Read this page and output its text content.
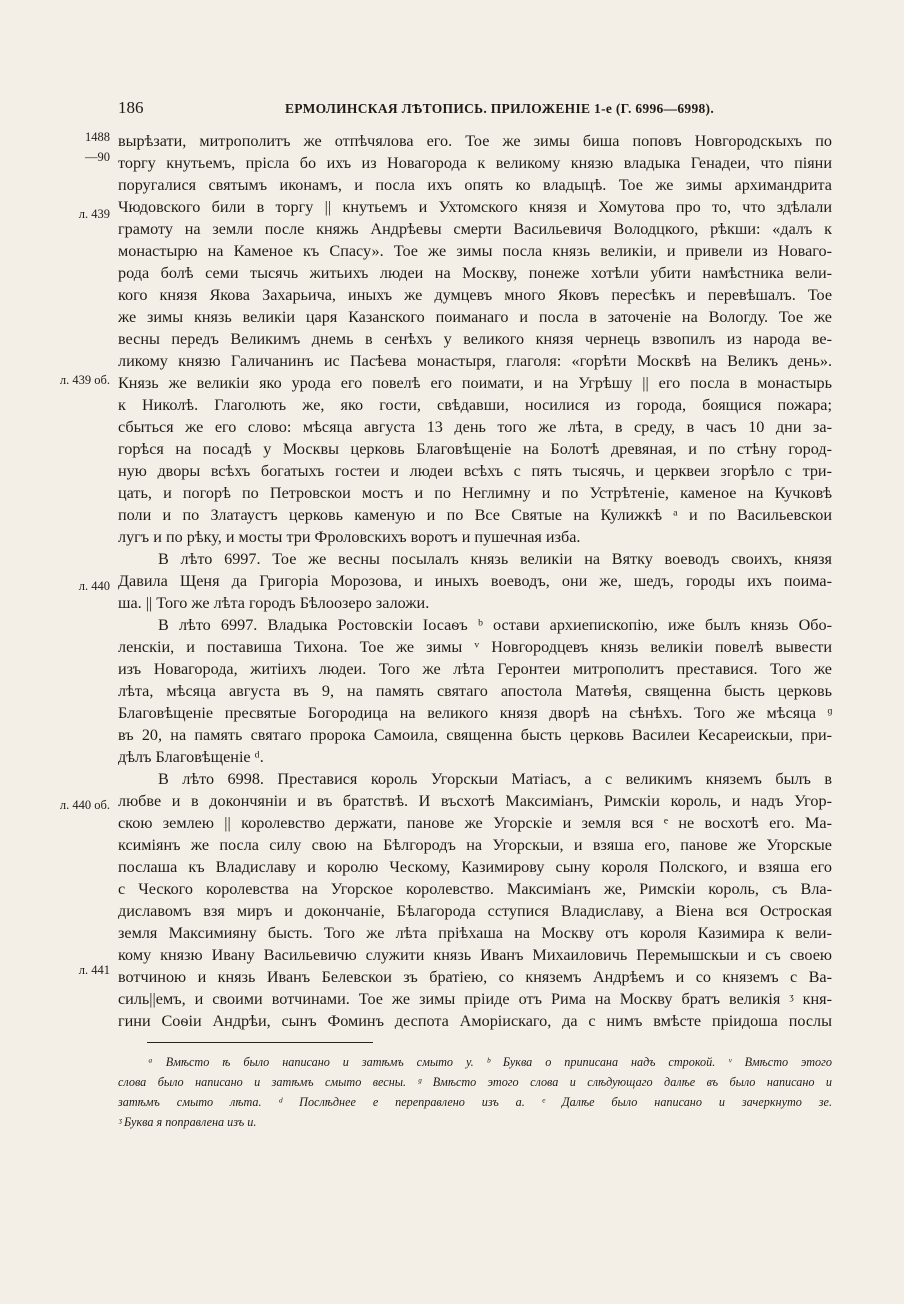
186	ЕРМОЛИНСКАЯ ЛѢТОПИСЬ. ПРИЛОЖЕНІЕ 1-е (Г. 6996—6998).
1488
—90
л. 439
л. 439 об.
л. 440
л. 440 об.
л. 441
вырѣзати, митрополитъ же отпѣчялова его. Тое же зимы биша поповъ Новгородскыхъ по
торгу кнутьемъ, прісла бо ихъ из Новагорода к великому князю владыка Генадеи, что піяни
поругалися святымъ иконамъ, и посла ихъ опять ко владыцѣ. Тое же зимы архимандрита
Чюдовского били в торгу || кнутьемъ и Ухтомского князя и Хомутова про то, что здѣлали
грамоту на земли после княжь Андрѣевы смерти Васильевичя Володцкого, рѣкши: «далъ к
монастырю на Каменое къ Спасу». Тое же зимы посла князь великіи, и привели из Новаго-
рода болѣ семи тысячь житьихъ людеи на Москву, понеже хотѣли убити намѣстника вели-
кого князя Якова Захарьича, иныхъ же думцевъ много Яковъ пересѣкъ и перевѣшалъ. Тое
же зимы князь великіи царя Казанского поиманаго и посла в заточеніе на Вологду. Тое же
весны передъ Великимъ днемь в сенѣхъ у великого князя чернець взвопилъ из народа ве-
ликому князю Галичанинъ ис Пасѣева монастыря, глаголя: «горѣти Москвѣ на Великъ день».
Князь же великіи яко урода его повелѣ его поимати, и на Угрѣшу || его посла в монастырь
к Николѣ. Глаголють же, яко гости, свѣдавши, носилися из города, боящися пожара;
сбыться же его слово: мѣсяца августа 13 день того же лѣта, в среду, в часъ 10 дни за-
горѣся на посадѣ у Москвы церковь Благовѣщеніе на Болотѣ древяная, и по стѣну город-
ную дворы всѣхъ богатыхъ гостеи и людеи всѣхъ с пять тысячь, и церквеи згорѣло с три-
цать, и погорѣ по Петровскои мостъ и по Неглимну и по Устрѣтеніе, каменое на Кучковѣ
поли и по Златаустъ церковь каменую и по Все Святые на Кулижкѣ ᵃ и по Васильевскои
лугъ и по рѣку, и мосты три Фроловскихъ воротъ и пушечная изба.
В лѣто 6997. Тое же весны посылалъ князь великіи на Вятку воеводъ своихъ, князя
Давила Щеня да Григоріа Морозова, и иныхъ воеводъ, они же, шедъ, городы ихъ поима-
ша. || Того же лѣта городъ Бѣлоозеро заложи.
В лѣто 6997. Владыка Ростовскіи Іосаѳъ ᵇ остави архиепископію, иже былъ князь Обо-
ленскіи, и поставиша Тихона. Тое же зимы ᵛ Новгородцевъ князь великіи повелѣ вывести
изъ Новагорода, житіихъ людеи. Того же лѣта Геронтеи митрополитъ преставися. Того же
лѣта, мѣсяца августа въ 9, на память святаго апостола Матѳѣя, священна бысть церковь
Благовѣщеніе пресвятые Богородица на великого князя дворѣ на сѣнѣхъ. Того же мѣсяца ᶢ
въ 20, на память святаго пророка Самоила, священна бысть церковь Василеи Кесареискыи, при-
дѣлъ Благовѣщеніе ᵈ.
В лѣто 6998. Преставися король Угорскыи Матіасъ, а с великимъ княземъ былъ в
любве и в докончяніи и въ братствѣ. И въсхотѣ Максиміанъ, Римскіи король, и надъ Угор-
скою землею || королевство держати, панове же Угорскіе и земля вся ᵉ не восхотѣ его. Ма-
ксиміянъ же посла силу свою на Бѣлгородъ на Угорскыи, и взяша его, панове же Угорскые
послаша къ Владиславу и королю Ческому, Казимирову сыну короля Полского, и взяша его
с Ческого королевства на Угорское королевство. Максиміанъ же, Римскіи король, съ Вла-
диславомъ взя миръ и докончаніе, Бѣлагорода сступися Владиславу, а Віена вся Остроская
земля Максимияну бысть. Того же лѣта пріѣхаша на Москву отъ короля Казимира к вели-
кому князю Ивану Васильевичю служити князь Иванъ Михаиловичь Перемышскыи и съ своею
вотчиною и князь Иванъ Белевскои зъ братіею, со княземъ Андрѣемъ и со княземъ с Ва-
силь||емъ, и своими вотчинами. Тое же зимы пріиде отъ Рима на Москву братъ великія ᶾ кня-
гини Соѳіи Андрѣи, сынъ Фоминъ деспота Аморіискаго, да с нимъ вмѣсте пріидоша послы
ᵃ Вмѣсто ѣ было написано и затѣмъ смыто у. ᵇ Буква о приписана надъ строкой. ᵛ Вмѣсто этого
слова было написано и затѣмъ смыто весны. ᶢ Вмѣсто этого слова и слѣдующаго далѣе въ было написано и
затѣмъ смыто лѣта. ᵈ Послѣднее е переправлено изъ а. ᵉ Далѣе было написано и зачеркнуто зе.
ᶾ Буква я поправлена изъ и.
